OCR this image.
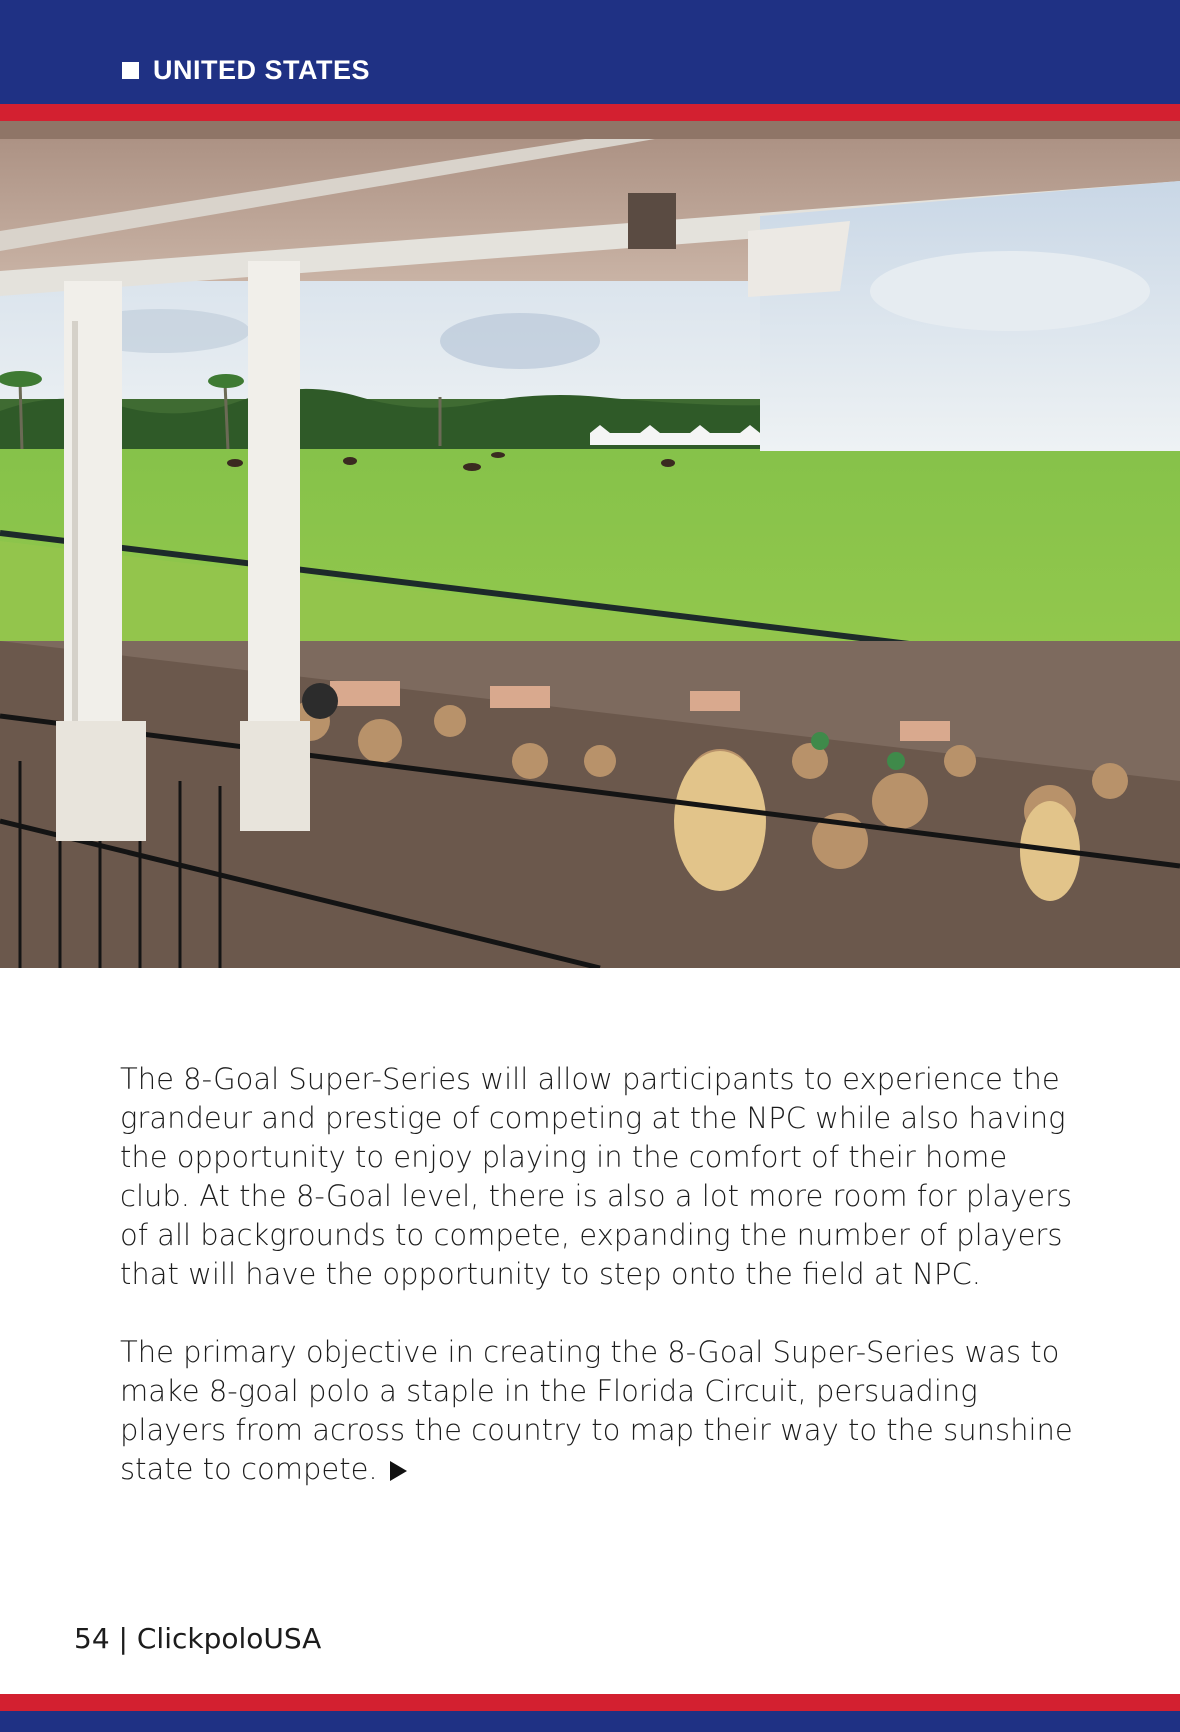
UNITED STATES

The 8-Goal Super-Series will allow participants to experience the grandeur and prestige of competing at the NPC while also having the opportunity to enjoy playing in the comfort of their home club. At the 8-Goal level, there is also a lot more room for players of all backgrounds to compete, expanding the number of players that will have the opportunity to step onto the field at NPC.

The primary objective in creating the 8-Goal Super-Series was to make 8-goal polo a staple in the Florida Circuit, persuading players from across the country to map their way to the sunshine state to compete.

54 | ClickpoloUSA
